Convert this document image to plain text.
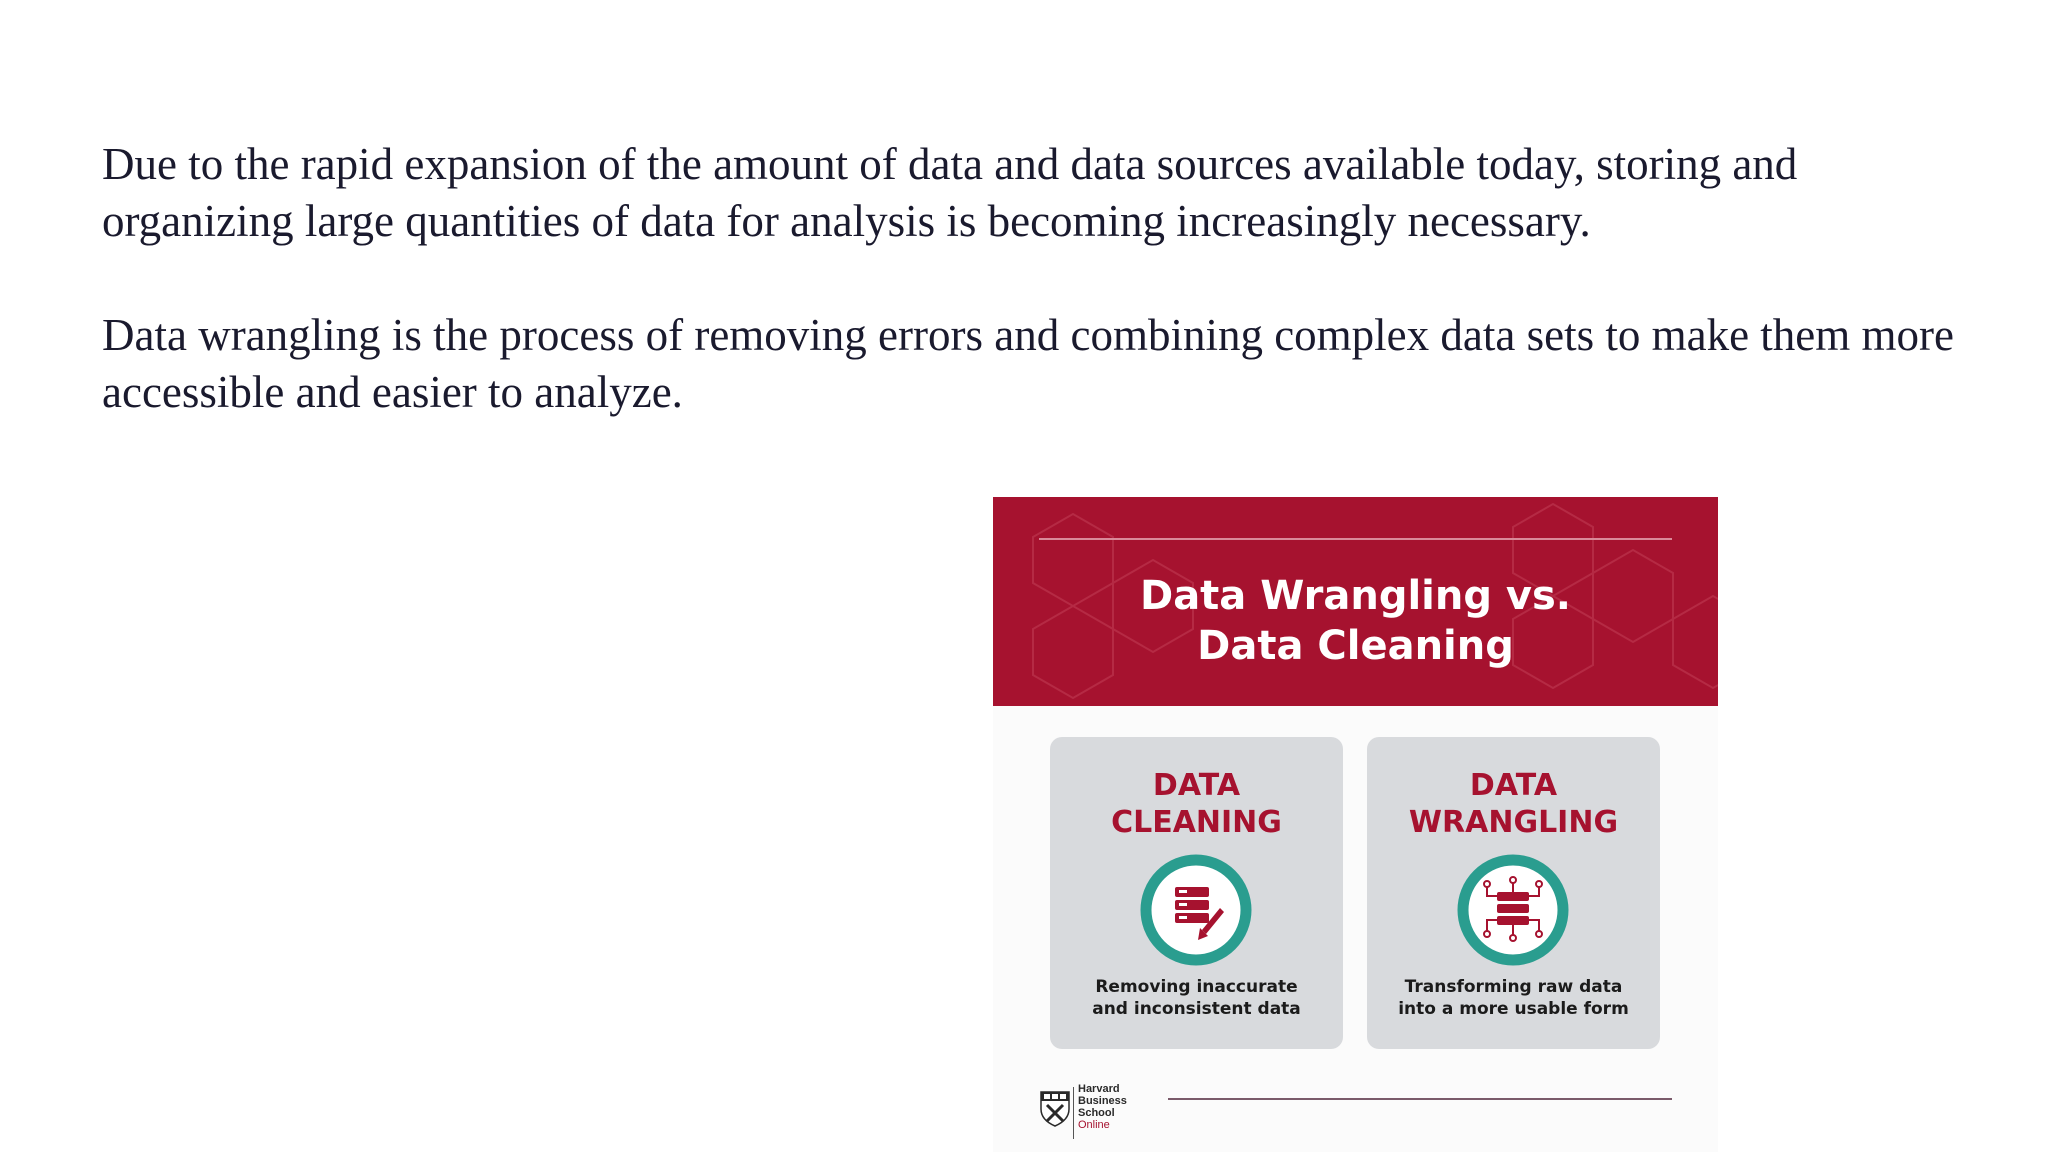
Due to the rapid expansion of the amount of data and data sources available today, storing and organizing large quantities of data for analysis is becoming increasingly necessary.

Data wrangling is the process of removing errors and combining complex data sets to make them more accessible and easier to analyze.

Data Wrangling vs.
Data Cleaning
DATA
CLEANING
Removing inaccurate
and inconsistent data
DATA
WRANGLING
Transforming raw data
into a more usable form
Harvard
Business
School
Online
